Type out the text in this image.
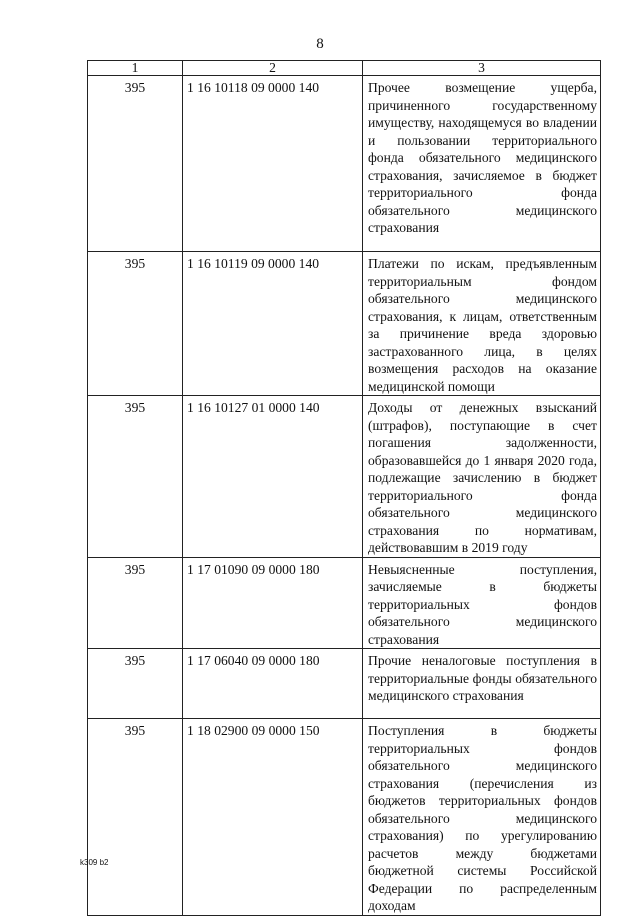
8
1	2	3
395	1 16 10118 09 0000 140	Прочее возмещение ущерба, причиненного государственному имуществу, находящемуся во владении и пользовании территориального фонда обязательного медицинского страхования, зачисляемое в бюджет территориального фонда обязательного медицинского страхования
395	1 16 10119 09 0000 140	Платежи по искам, предъявленным территориальным фондом обязательного медицинского страхования, к лицам, ответственным за причинение вреда здоровью застрахованного лица, в целях возмещения расходов на оказание медицинской помощи
395	1 16 10127 01 0000 140	Доходы от денежных взысканий (штрафов), поступающие в счет погашения задолженности, образовавшейся до 1 января 2020 года, подлежащие зачислению в бюджет территориального фонда обязательного медицинского страхования по нормативам, действовавшим в 2019 году
395	1 17 01090 09 0000 180	Невыясненные поступления, зачисляемые в бюджеты территориальных фондов обязательного медицинского страхования
395	1 17 06040 09 0000 180	Прочие неналоговые поступления в территориальные фонды обязательного медицинского страхования
395	1 18 02900 09 0000 150	Поступления в бюджеты территориальных фондов обязательного медицинского страхования (перечисления из бюджетов территориальных фондов обязательного медицинского страхования) по урегулированию расчетов между бюджетами бюджетной системы Российской Федерации по распределенным доходам
k309 b2
